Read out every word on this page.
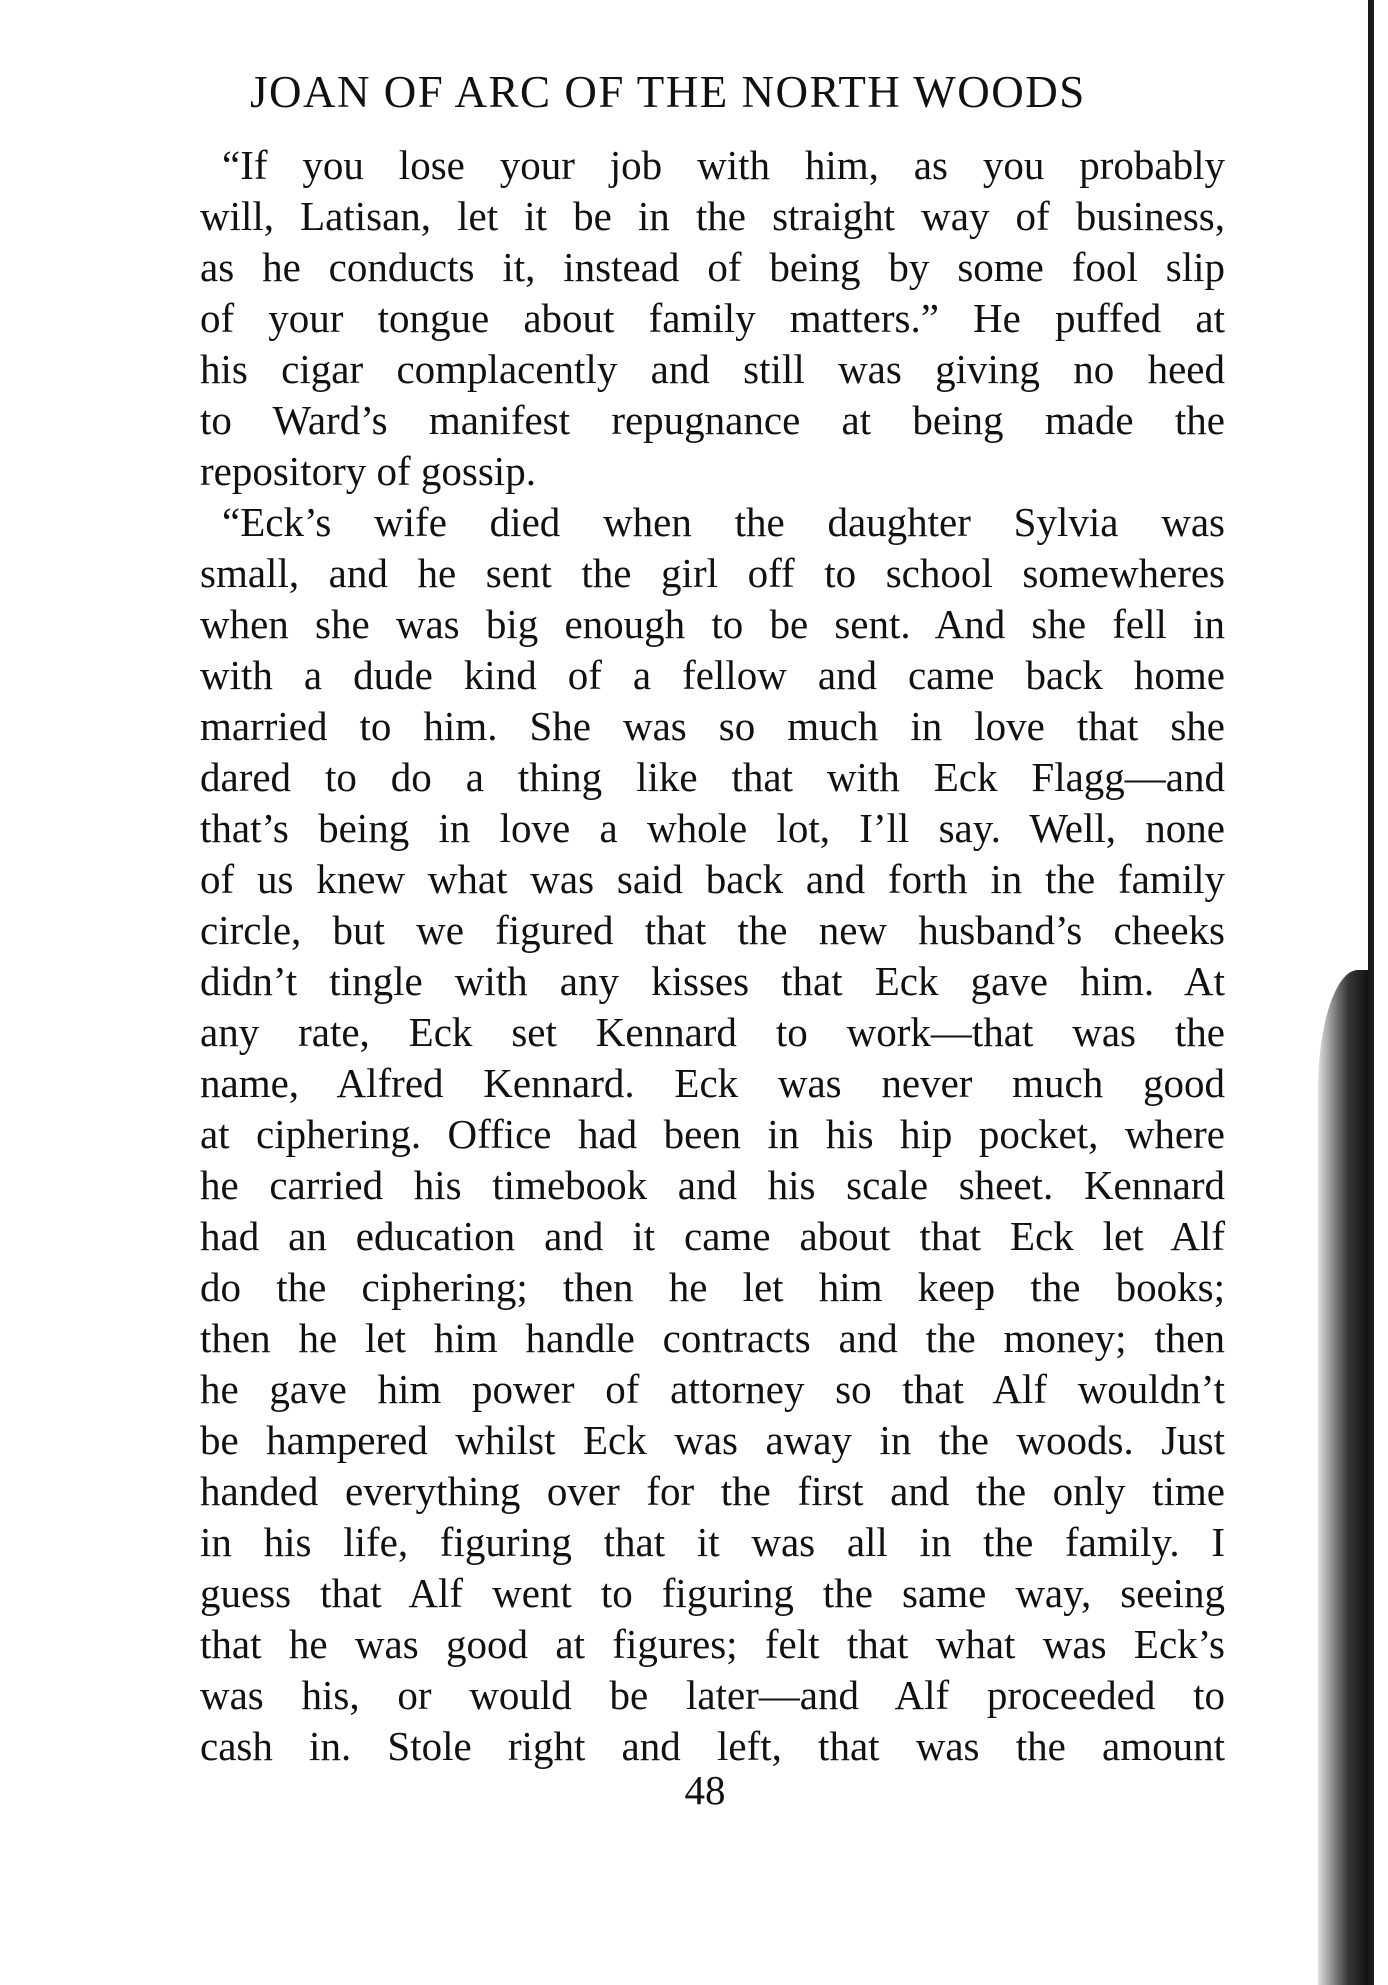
JOAN OF ARC OF THE NORTH WOODS
“If you lose your job with him, as you probably
will, Latisan, let it be in the straight way of business,
as he conducts it, instead of being by some fool slip
of your tongue about family matters.” He puffed at
his cigar complacently and still was giving no heed
to Ward’s manifest repugnance at being made the
repository of gossip.
“Eck’s wife died when the daughter Sylvia was
small, and he sent the girl off to school somewheres
when she was big enough to be sent. And she fell in
with a dude kind of a fellow and came back home
married to him. She was so much in love that she
dared to do a thing like that with Eck Flagg—and
that’s being in love a whole lot, I’ll say. Well, none
of us knew what was said back and forth in the family
circle, but we figured that the new husband’s cheeks
didn’t tingle with any kisses that Eck gave him. At
any rate, Eck set Kennard to work—that was the
name, Alfred Kennard. Eck was never much good
at ciphering. Office had been in his hip pocket, where
he carried his timebook and his scale sheet. Kennard
had an education and it came about that Eck let Alf
do the ciphering; then he let him keep the books;
then he let him handle contracts and the money; then
he gave him power of attorney so that Alf wouldn’t
be hampered whilst Eck was away in the woods. Just
handed everything over for the first and the only time
in his life, figuring that it was all in the family. I
guess that Alf went to figuring the same way, seeing
that he was good at figures; felt that what was Eck’s
was his, or would be later—and Alf proceeded to
cash in. Stole right and left, that was the amount
48
